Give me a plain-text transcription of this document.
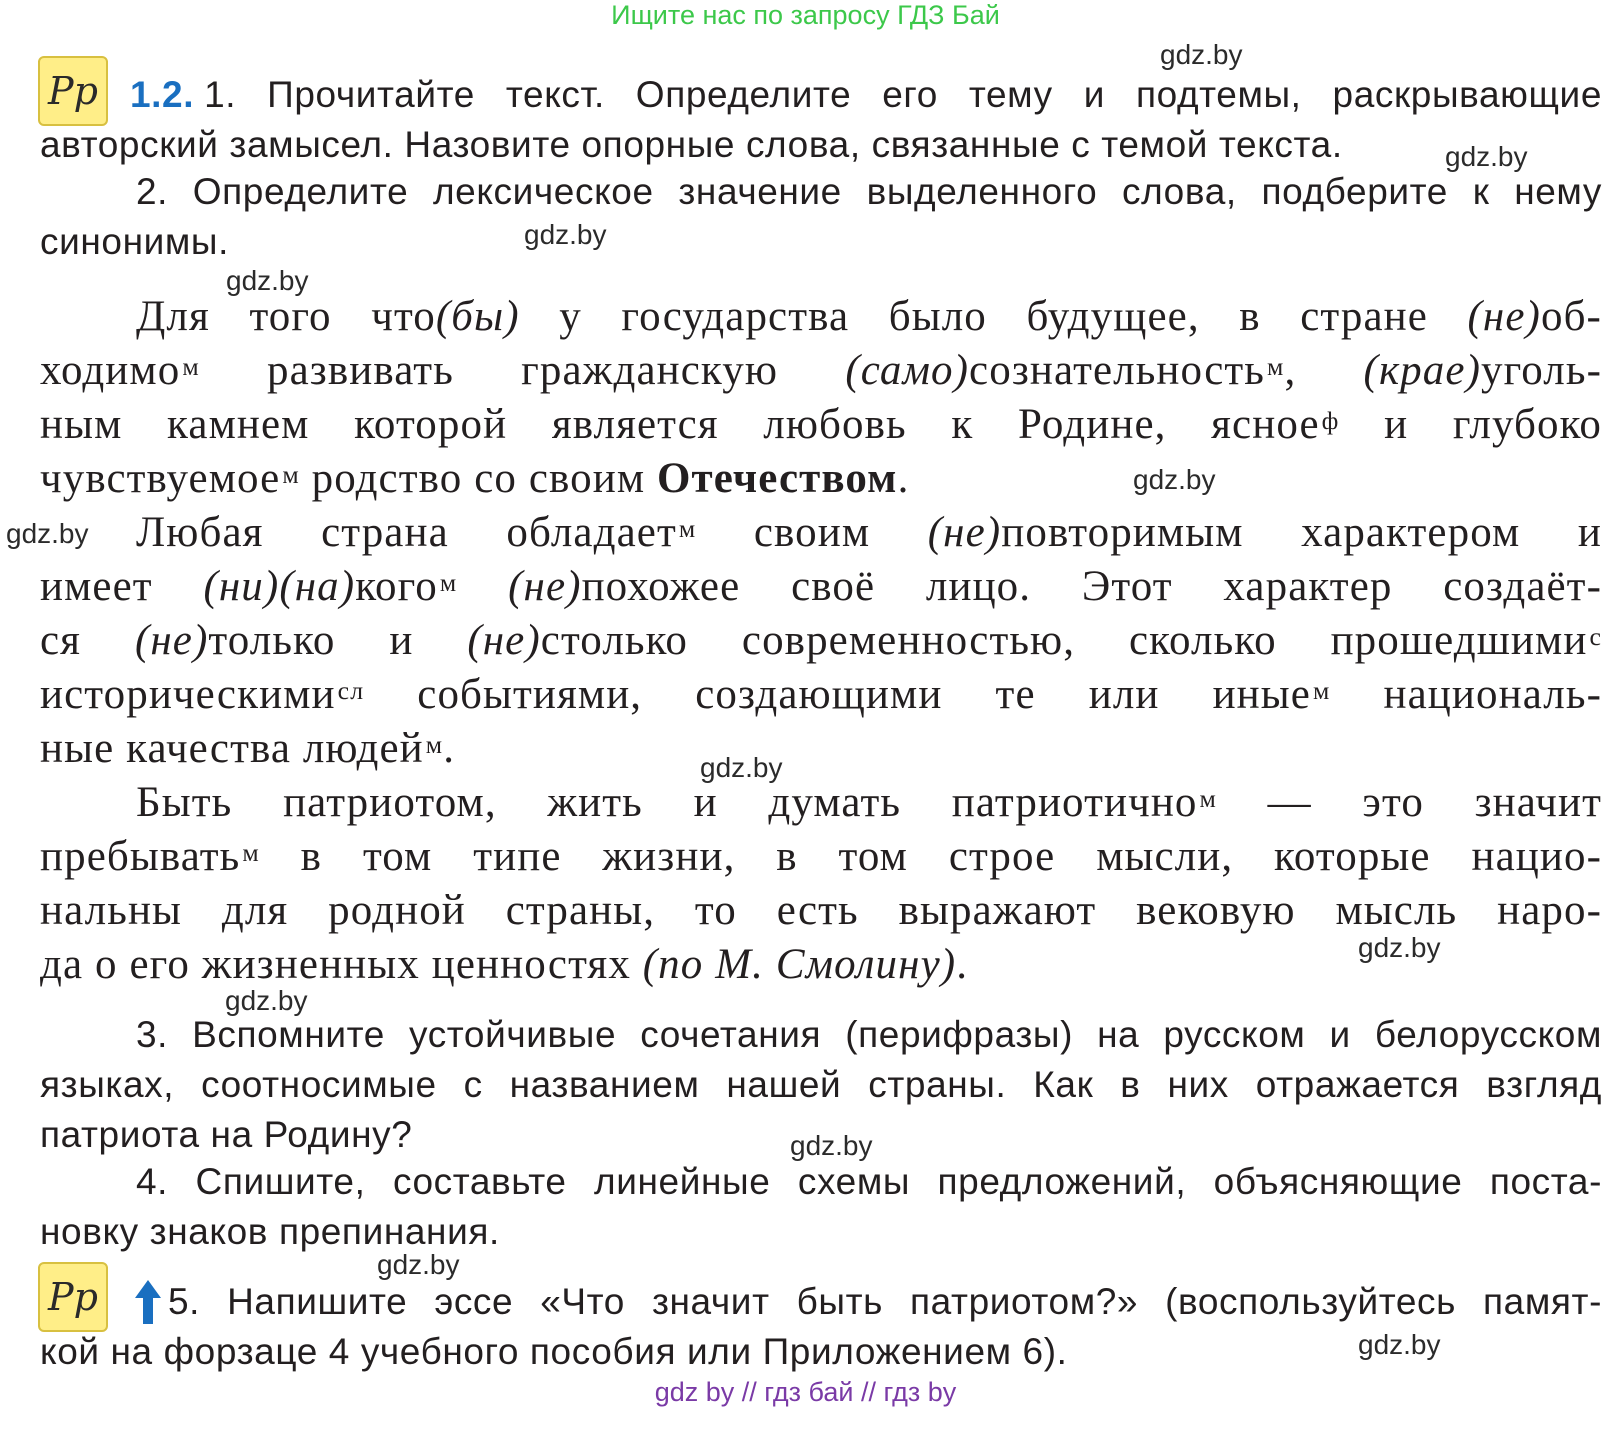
Ищите нас по запросу ГДЗ Бай
gdz.by
gdz.by
gdz.by
gdz.by
gdz.by
gdz.by
gdz.by
gdz.by
gdz.by
gdz.by
gdz.by
gdz.by
Pp 1.2. 1. Прочитайте текст. Определите его тему и подтемы, раскрывающие
авторский замысел. Назовите опорные слова, связанные с темой текста.
2. Определите лексическое значение выделенного слова, подберите к нему
синонимы.
Для того что(бы) у государства было будущее, в стране (не)об-
ходимо$^м$ развивать гражданскую (само)сознательность$^м$, (крае)уголь-
ным камнем которой является любовь к Родине, ясное$^ф$ и глубоко
чувствуемое$^м$ родство со своим Отечеством.
Любая страна обладает$^м$ своим (не)повторимым характером и
имеет (ни)(на)кого$^м$ (не)похожее своё лицо. Этот характер создаёт-
ся (не)только и (не)столько современностью, сколько прошедшими$^с$
историческими$^{сл}$ событиями, создающими те или иные$^м$ националь-
ные качества людей$^м$.
Быть патриотом, жить и думать патриотично$^м$ — это значит
пребывать$^м$ в том типе жизни, в том строе мысли, которые нацио-
нальны для родной страны, то есть выражают вековую мысль наро-
да о его жизненных ценностях (по М. Смолину).
3. Вспомните устойчивые сочетания (перифразы) на русском и белорусском
языках, соотносимые с названием нашей страны. Как в них отражается взгляд
патриота на Родину?
4. Спишите, составьте линейные схемы предложений, объясняющие поста-
новку знаков препинания.
Pp	5. Напишите эссе «Что значит быть патриотом?» (воспользуйтесь памят-
кой на форзаце 4 учебного пособия или Приложением 6).
gdz by // гдз бай // гдз by
